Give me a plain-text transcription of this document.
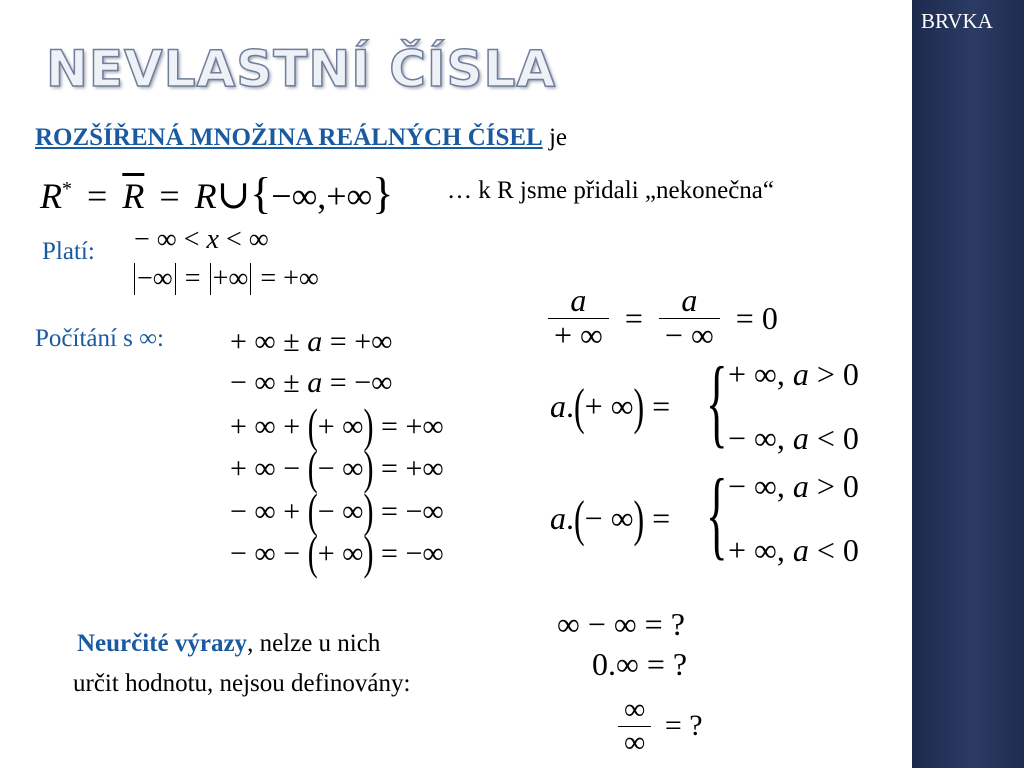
BRVKA
NEVLASTNÍ ČÍSLA
ROZŠÍŘENÁ MNOŽINA REÁLNÝCH ČÍSEL je
$R^* = \overline{R}$ = R∪{−∞,+∞} … k R jsme přidali „nekonečna“
Platí: − ∞ < x < ∞
−∞ = +∞ = +∞
Počítání s ∞: + ∞ ± a = +∞
− ∞ ± a = −∞
+ ∞ + (+ ∞) = +∞
+ ∞ − (− ∞) = +∞
− ∞ + (− ∞) = −∞
− ∞ − (+ ∞) = −∞
$\frac{a}{+ \infty} = \frac{a}{- \infty} = 0$
a.(+ ∞) = { + ∞, a > 0
− ∞, a < 0
a.(− ∞) = { − ∞, a > 0
+ ∞, a < 0
Neurčité výrazy, nelze u nich
určit hodnotu, nejsou definovány:
∞ − ∞ = ?
0.∞ = ?
$\frac{\infty}{\infty}$ = ?
